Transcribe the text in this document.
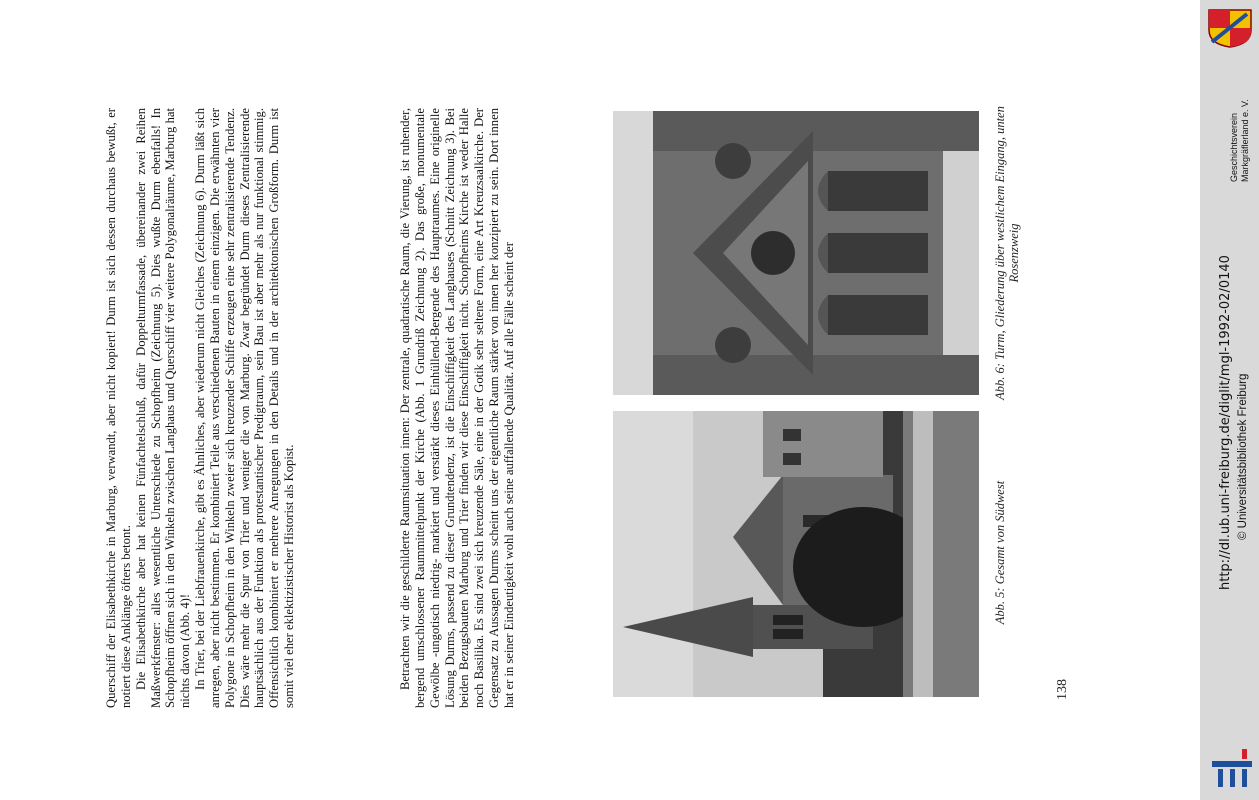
Querschiff der Elisabethkirche in Marburg, verwandt, aber nicht kopiert! Durm ist sich dessen durchaus bewußt, er notiert diese Anklänge öfters betont. Die Elisabethkirche aber hat keinen Fünfachtelschluß, dafür Doppelturmfassade, übereinander zwei Reihen Maßwerkfenster: alles wesentliche Unterschiede zu Schopfheim (Zeichnung 5). Dies wußte Durm ebenfalls! In Schopfheim öffnen sich in den Winkeln zwischen Langhaus und Querschiff vier weitere Polygonalräume, Marburg hat nichts davon (Abb. 4)! In Trier, bei der Liebfrauenkirche, gibt es Ähnliches, aber wiederum nicht Gleiches (Zeichnung 6). Durm läßt sich anregen, aber nicht bestimmen. Er kombiniert Teile aus verschiedenen Bauten in einem einzigen. Die erwähnten vier Polygone in Schopfheim in den Winkeln zweier sich kreuzender Schiffe erzeugen eine sehr zentralisierende Tendenz. Dies wäre mehr die Spur von Trier und weniger die von Marburg. Zwar begründet Durm dieses Zentralisierende hauptsächlich aus der Funktion als protestantischer Predigtraum, sein Bau ist aber mehr als nur funktional stimmig. Offensichtlich kombiniert er mehrere Anregungen in den Details und in der architektonischen Großform. Durm ist somit viel eher eklektizistischer Historist als Kopist.	Betrachten wir die geschilderte Raumsituation innen: Der zentrale, quadratische Raum, die Vierung, ist ruhender, bergend umschlossener Raummittelpunkt der Kirche (Abb. 1 Grundriß Zeichnung 2). Das große, monumentale Gewölbe -ungotisch niedrig- markiert und verstärkt dieses Einhüllend-Bergende des Hauptraumes. Eine originelle Lösung Durms, passend zu dieser Grundtendenz, ist die Einschiffigkeit des Langhauses (Schnitt Zeichnung 3). Bei beiden Bezugsbauten Marburg und Trier finden wir diese Einschiffigkeit nicht. Schopfheims Kirche ist weder Halle noch Basilika. Es sind zwei sich kreuzende Säle, eine in der Gotik sehr seltene Form, eine Art Kreuzsaalkirche. Der Gegensatz zu Aussagen Durms scheint uns der eigentliche Raum stärker von innen her konzipiert zu sein. Dort innen hat er in seiner Eindeutigkeit wohl auch seine auffallende Qualität. Auf alle Fälle scheint der	Abb. 5: Gesamt von Südwest
Abb. 6: Turm, Gliederung über westlichem Eingang, unten Rosenzweig
138
Geschichtsverein Markgräflerland e. V.
http://dl.ub.uni-freiburg.de/diglit/mgl-1992-02/0140 © Universitätsbibliothek Freiburg
